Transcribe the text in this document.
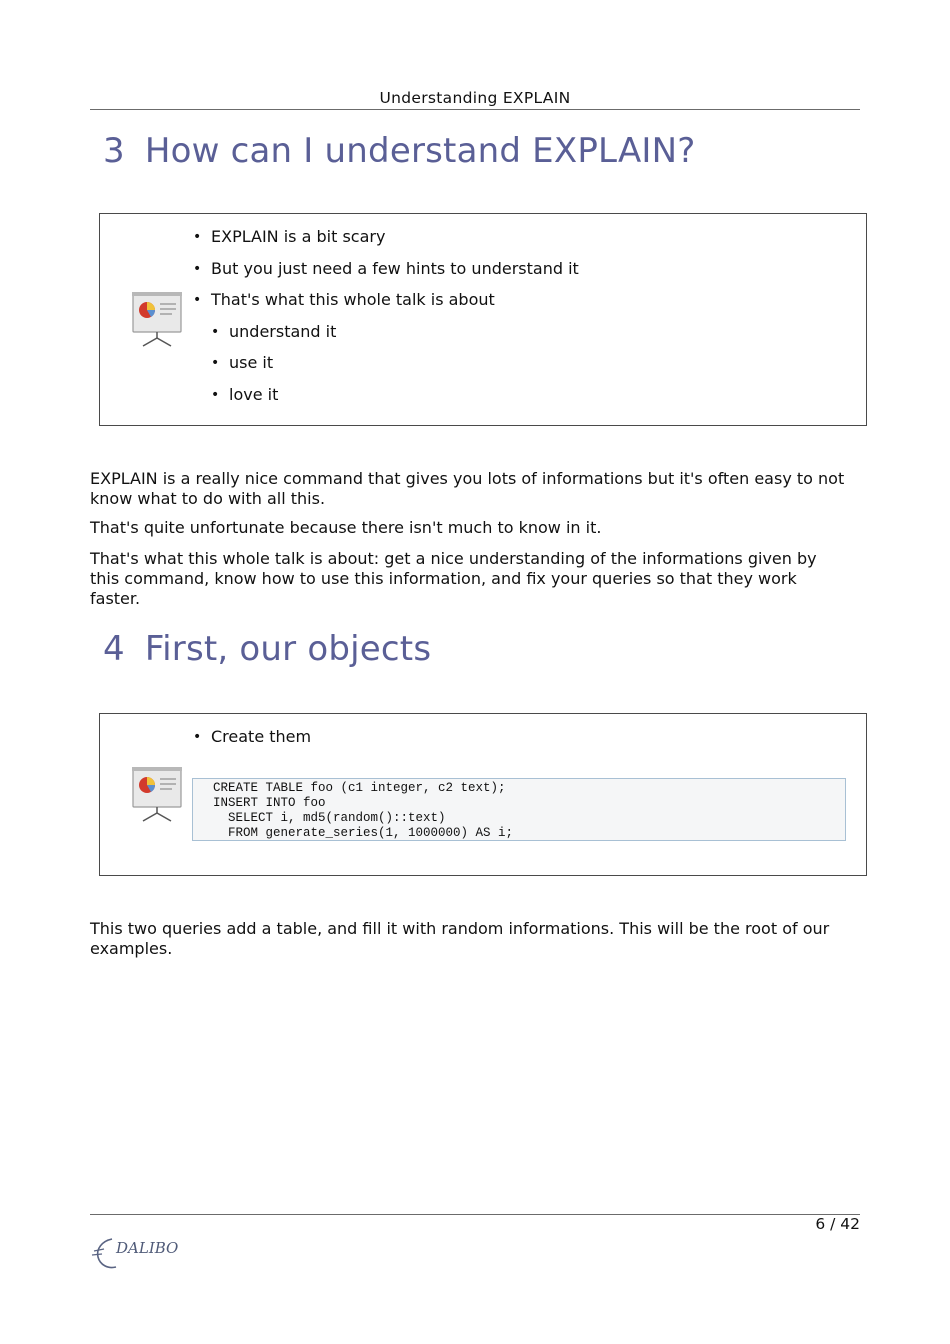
Understanding EXPLAIN
3 How can I understand EXPLAIN?
• EXPLAIN is a bit scary
• But you just need a few hints to understand it
• That's what this whole talk is about
• understand it
• use it
• love it

EXPLAIN is a really nice command that gives you lots of informations but it's often easy to not know what to do with all this.

That's quite unfortunate because there isn't much to know in it.

That's what this whole talk is about: get a nice understanding of the informations given by this command, know how to use this information, and fix your queries so that they work faster.

4 First, our objects
• Create them
CREATE TABLE foo (c1 integer, c2 text);
INSERT INTO foo
SELECT i, md5(random()::text)
FROM generate_series(1, 1000000) AS i;

This two queries add a table, and fill it with random informations. This will be the root of our examples.

6 / 42
DALIBO
